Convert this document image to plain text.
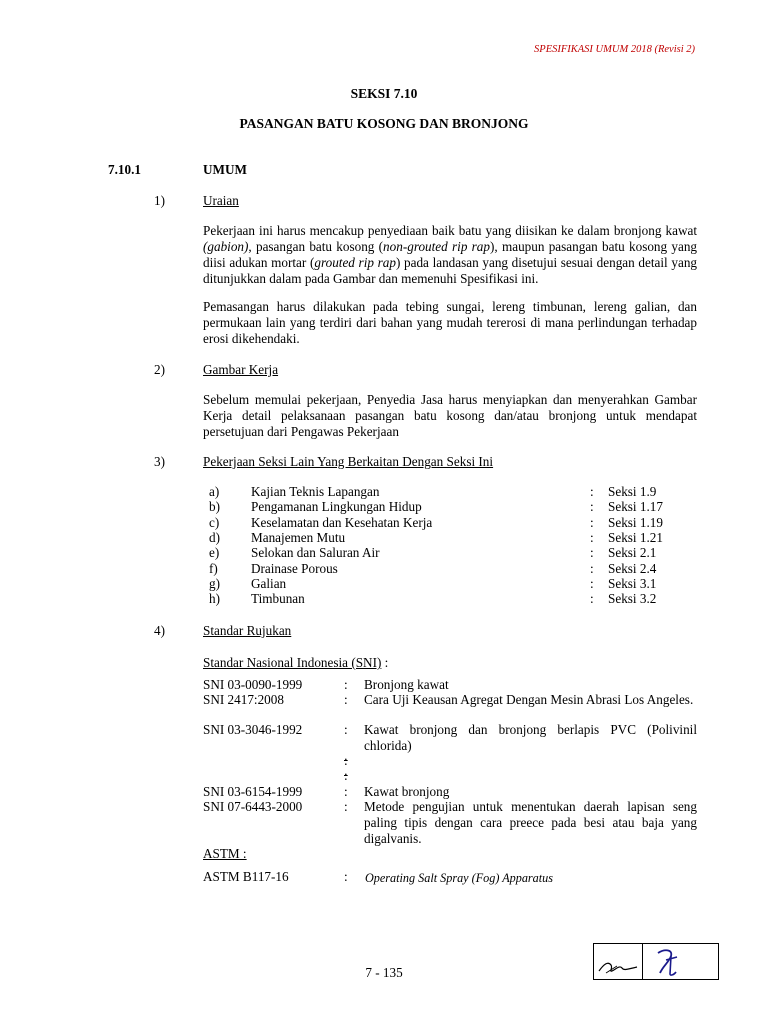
SPESIFIKASI UMUM 2018 (Revisi 2)
SEKSI 7.10
PASANGAN BATU KOSONG DAN BRONJONG
7.10.1	UMUM
1)	Uraian
Pekerjaan ini harus mencakup penyediaan baik batu yang diisikan ke dalam bronjong kawat (gabion), pasangan batu kosong (non-grouted rip rap), maupun pasangan batu kosong yang diisi adukan mortar (grouted rip rap) pada landasan yang disetujui sesuai dengan detail yang ditunjukkan dalam pada Gambar dan memenuhi Spesifikasi ini.
Pemasangan harus dilakukan pada tebing sungai, lereng timbunan, lereng galian, dan permukaan lain yang terdiri dari bahan yang mudah tererosi di mana perlindungan terhadap erosi dikehendaki.
2)	Gambar Kerja
Sebelum memulai pekerjaan, Penyedia Jasa harus menyiapkan dan menyerahkan Gambar Kerja detail pelaksanaan pasangan batu kosong dan/atau bronjong untuk mendapat persetujuan dari Pengawas Pekerjaan
3)	Pekerjaan Seksi Lain Yang Berkaitan Dengan Seksi Ini
a) Kajian Teknis Lapangan	: Seksi 1.9
b) Pengamanan Lingkungan Hidup	: Seksi 1.17
c) Keselamatan dan Kesehatan Kerja	: Seksi 1.19
d) Manajemen Mutu	: Seksi 1.21
e) Selokan dan Saluran Air	: Seksi 2.1
f)	Drainase Porous	: Seksi 2.4
g) Galian	: Seksi 3.1
h) Timbunan	: Seksi 3.2
4)	Standar Rujukan
Standar Nasional Indonesia (SNI) :
SNI 03-0090-1999	: Bronjong kawat
SNI 2417:2008	: Cara Uji Keausan Agregat Dengan Mesin Abrasi Los Angeles.
SNI 03-3046-1992	: Kawat bronjong dan bronjong berlapis PVC (Polivinil chlorida)
:
:
SNI 03-6154-1999	: Kawat bronjong
SNI 07-6443-2000	: Metode pengujian untuk menentukan daerah lapisan seng paling tipis dengan cara preece pada besi atau baja yang digalvanis.
ASTM :
ASTM B117-16	: Operating Salt Spray (Fog) Apparatus
7 - 135
